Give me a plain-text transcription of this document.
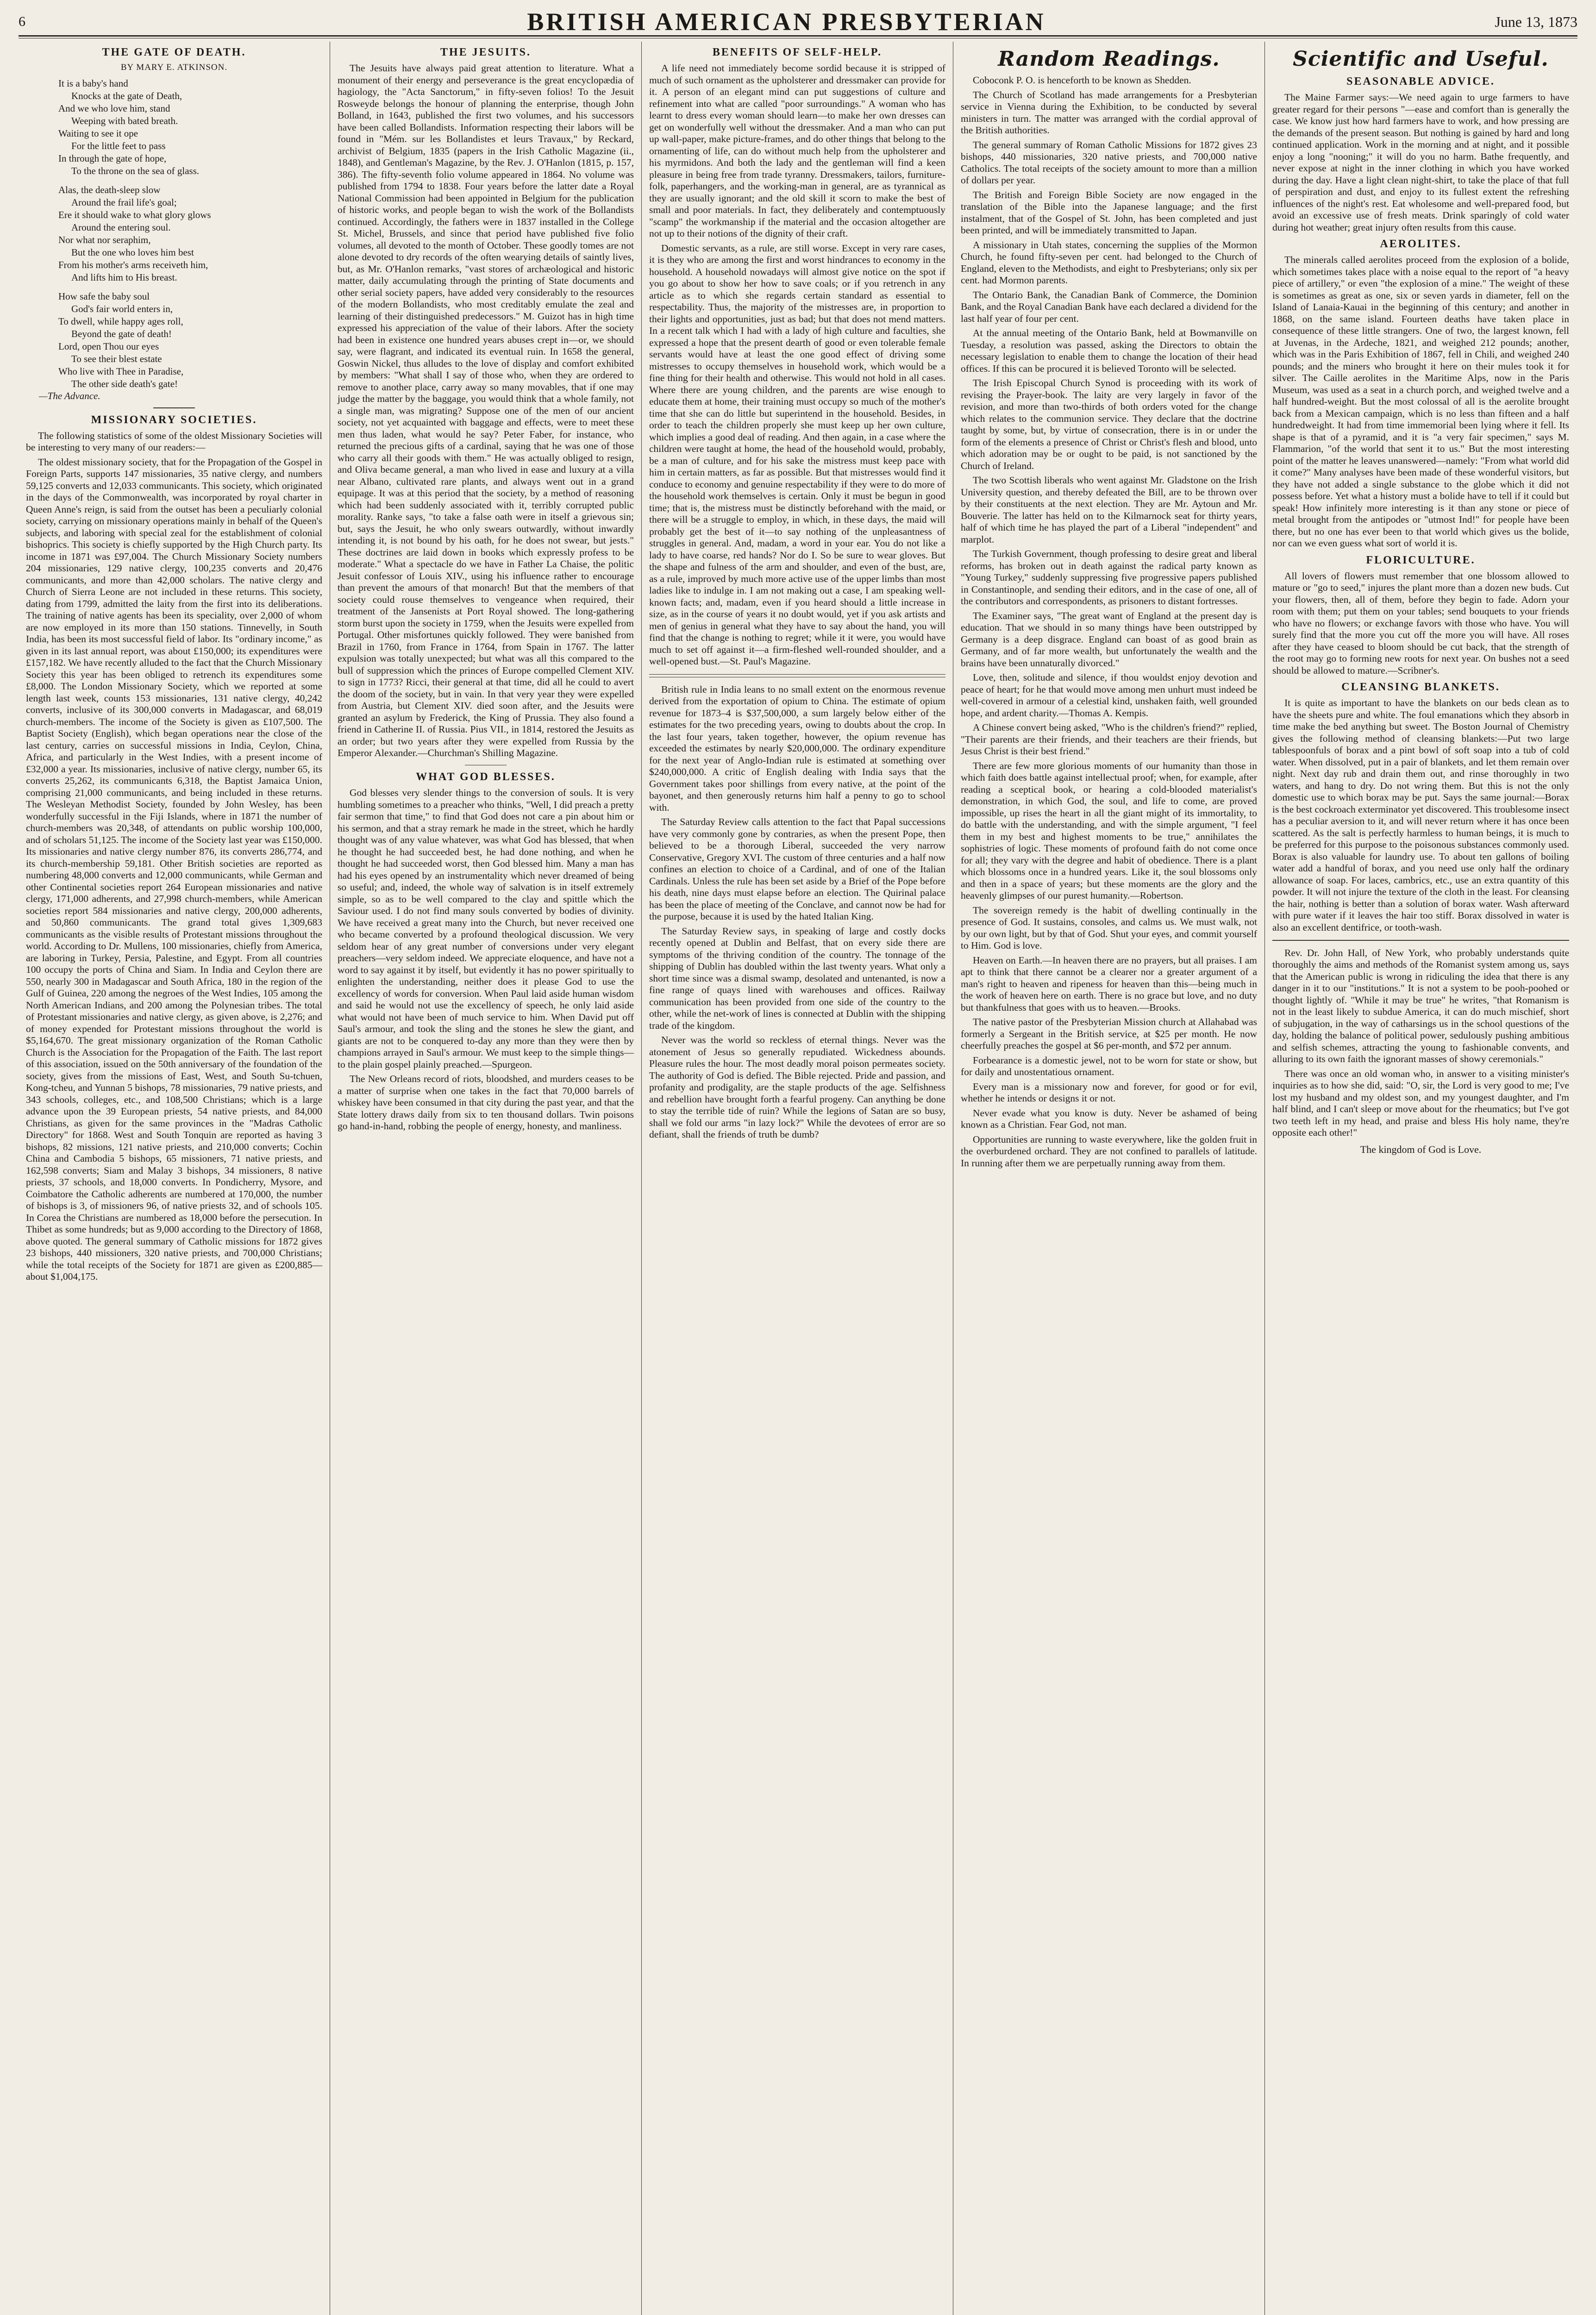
6	BRITISH AMERICAN PRESBYTERIAN	June 13, 1873
THE GATE OF DEATH.
BY MARY E. ATKINSON.
It is a baby's hand
Knocks at the gate of Death,
And we who love him, stand
Weeping with bated breath.
Waiting to see it ope
For the little feet to pass
In through the gate of hope,
To the throne on the sea of glass.
Alas, the death-sleep slow
Around the frail life's goal;
Ere it should wake to what glory glows
Around the entering soul.
Nor what nor seraphim,
But the one who loves him best
From his mother's arms receiveth him,
And lifts him to His breast.
How safe the baby soul
God's fair world enters in,
To dwell, while happy ages roll,
Beyond the gate of death!
Lord, open Thou our eyes
To see their blest estate
Who live with Thee in Paradise,
The other side death's gate!
—The Advance.
MISSIONARY SOCIETIES.

The following statistics of some of the oldest Missionary Societies will be interesting to very many of our readers:—

The oldest missionary society, that for the Propagation of the Gospel in Foreign Parts, supports 147 missionaries, 35 native clergy, and numbers 59,125 converts and 12,033 communicants. This society, which originated in the days of the Commonwealth, was incorporated by royal charter in Queen Anne's reign, is said from the outset has been a peculiarly colonial society, carrying on missionary operations mainly in behalf of the Queen's subjects, and laboring with special zeal for the establishment of colonial bishoprics. This society is chiefly supported by the High Church party. Its income in 1871 was £97,004. The Church Missionary Society numbers 204 missionaries, 129 native clergy, 100,235 converts and 20,476 communicants, and more than 42,000 scholars. The native clergy and Church of Sierra Leone are not included in these returns. This society, dating from 1799, admitted the laity from the first into its deliberations. The training of native agents has been its speciality, over 2,000 of whom are now employed in its more than 150 stations. Tinnevelly, in South India, has been its most successful field of labor. Its "ordinary income," as given in its last annual report, was about £150,000; its expenditures were £157,182. We have recently alluded to the fact that the Church Missionary Society this year has been obliged to retrench its expenditures some £8,000. The London Missionary Society, which we reported at some length last week, counts 153 missionaries, 131 native clergy, 40,242 converts, inclusive of its 300,000 converts in Madagascar, and 68,019 church-members. The income of the Society is given as £107,500. The Baptist Society (English), which began operations near the close of the last century, carries on successful missions in India, Ceylon, China, Africa, and particularly in the West Indies, with a present income of £32,000 a year. Its missionaries, inclusive of native clergy, number 65, its converts 25,262, its communicants 6,318, the Baptist Jamaica Union, comprising 21,000 communicants, and being included in these returns. The Wesleyan Methodist Society, founded by John Wesley, has been wonderfully successful in the Fiji Islands, where in 1871 the number of church-members was 20,348, of attendants on public worship 100,000, and of scholars 51,125. The income of the Society last year was £150,000. Its missionaries and native clergy number 876, its converts 286,774, and its church-membership 59,181. Other British societies are reported as numbering 48,000 converts and 12,000 communicants, while German and other Continental societies report 264 European missionaries and native clergy, 171,000 adherents, and 27,998 church-members, while American societies report 584 missionaries and native clergy, 200,000 adherents, and 50,860 communicants. The grand total gives 1,309,683 communicants as the visible results of Protestant missions throughout the world. According to Dr. Mullens, 100 missionaries, chiefly from America, are laboring in Turkey, Persia, Palestine, and Egypt. From all countries 100 occupy the ports of China and Siam. In India and Ceylon there are 550, nearly 300 in Madagascar and South Africa, 180 in the region of the Gulf of Guinea, 220 among the negroes of the West Indies, 105 among the North American Indians, and 200 among the Polynesian tribes. The total of Protestant missionaries and native clergy, as given above, is 2,276; and of money expended for Protestant missions throughout the world is $5,164,670. The great missionary organization of the Roman Catholic Church is the Association for the Propagation of the Faith. The last report of this association, issued on the 50th anniversary of the foundation of the society, gives from the missions of East, West, and South Su-tchuen, Kong-tcheu, and Yunnan 5 bishops, 78 missionaries, 79 native priests, and 343 schools, colleges, etc., and 108,500 Christians; which is a large advance upon the 39 European priests, 54 native priests, and 84,000 Christians, as given for the same provinces in the "Madras Catholic Directory" for 1868. West and South Tonquin are reported as having 3 bishops, 82 missions, 121 native priests, and 210,000 converts; Cochin China and Cambodia 5 bishops, 65 missioners, 71 native priests, and 162,598 converts; Siam and Malay 3 bishops, 34 missioners, 8 native priests, 37 schools, and 18,000 converts. In Pondicherry, Mysore, and Coimbatore the Catholic adherents are numbered at 170,000, the number of bishops is 3, of missioners 96, of native priests 32, and of schools 105. In Corea the Christians are numbered as 18,000 before the persecution. In Thibet as some hundreds; but as 9,000 according to the Directory of 1868, above quoted. The general summary of Catholic missions for 1872 gives 23 bishops, 440 missioners, 320 native priests, and 700,000 Christians; while the total receipts of the Society for 1871 are given as £200,885—about $1,004,175.

THE JESUITS.

The Jesuits have always paid great attention to literature. What a monument of their energy and perseverance is the great encyclopædia of hagiology, the "Acta Sanctorum," in fifty-seven folios! To the Jesuit Rosweyde belongs the honour of planning the enterprise, though John Bolland, in 1643, published the first two volumes, and his successors have been called Bollandists. Information respecting their labors will be found in "Mém. sur les Bollandistes et leurs Travaux," by Reckard, archivist of Belgium, 1835 (papers in the Irish Catholic Magazine (ii., 1848), and Gentleman's Magazine, by the Rev. J. O'Hanlon (1815, p. 157, 386). The fifty-seventh folio volume appeared in 1864. No volume was published from 1794 to 1838. Four years before the latter date a Royal National Commission had been appointed in Belgium for the publication of historic works, and people began to wish the work of the Bollandists continued. Accordingly, the fathers were in 1837 installed in the College St. Michel, Brussels, and since that period have published five folio volumes, all devoted to the month of October. These goodly tomes are not alone devoted to dry records of the often wearying details of saintly lives, but, as Mr. O'Hanlon remarks, "vast stores of archæological and historic matter, daily accumulating through the printing of State documents and other serial society papers, have added very considerably to the resources of the modern Bollandists, who most creditably emulate the zeal and learning of their distinguished predecessors." M. Guizot has in high time expressed his appreciation of the value of their labors. After the society had been in existence one hundred years abuses crept in—or, we should say, were flagrant, and indicated its eventual ruin. In 1658 the general, Goswin Nickel, thus alludes to the love of display and comfort exhibited by members: "What shall I say of those who, when they are ordered to remove to another place, carry away so many movables, that if one may judge the matter by the baggage, you would think that a whole family, not a single man, was migrating? Suppose one of the men of our ancient society, not yet acquainted with baggage and effects, were to meet these men thus laden, what would he say? Peter Faber, for instance, who returned the precious gifts of a cardinal, saying that he was one of those who carry all their goods with them." He was actually obliged to resign, and Oliva became general, a man who lived in ease and luxury at a villa near Albano, cultivated rare plants, and always went out in a grand equipage. It was at this period that the society, by a method of reasoning which had been suddenly associated with it, terribly corrupted public morality. Ranke says, "to take a false oath were in itself a grievous sin; but, says the Jesuit, he who only swears outwardly, without inwardly intending it, is not bound by his oath, for he does not swear, but jests." These doctrines are laid down in books which expressly profess to be moderate." What a spectacle do we have in Father La Chaise, the politic Jesuit confessor of Louis XIV., using his influence rather to encourage than prevent the amours of that monarch! But that the members of that society could rouse themselves to vengeance when required, their treatment of the Jansenists at Port Royal showed. The long-gathering storm burst upon the society in 1759, when the Jesuits were expelled from Portugal. Other misfortunes quickly followed. They were banished from Brazil in 1760, from France in 1764, from Spain in 1767. The latter expulsion was totally unexpected; but what was all this compared to the bull of suppression which the princes of Europe compelled Clement XIV. to sign in 1773? Ricci, their general at that time, did all he could to avert the doom of the society, but in vain. In that very year they were expelled from Austria, but Clement XIV. died soon after, and the Jesuits were granted an asylum by Frederick, the King of Prussia. They also found a friend in Catherine II. of Russia. Pius VII., in 1814, restored the Jesuits as an order; but two years after they were expelled from Russia by the Emperor Alexander.—Churchman's Shilling Magazine.

WHAT GOD BLESSES.

God blesses very slender things to the conversion of souls. It is very humbling sometimes to a preacher who thinks, "Well, I did preach a pretty fair sermon that time," to find that God does not care a pin about him or his sermon, and that a stray remark he made in the street, which he hardly thought was of any value whatever, was what God has blessed, that when he thought he had succeeded best, he had done nothing, and when he thought he had succeeded worst, then God blessed him. Many a man has had his eyes opened by an instrumentality which never dreamed of being so useful; and, indeed, the whole way of salvation is in itself extremely simple, so as to be well compared to the clay and spittle which the Saviour used. I do not find many souls converted by bodies of divinity. We have received a great many into the Church, but never received one who became converted by a profound theological discussion. We very seldom hear of any great number of conversions under very elegant preachers—very seldom indeed. We appreciate eloquence, and have not a word to say against it by itself, but evidently it has no power spiritually to enlighten the understanding, neither does it please God to use the excellency of words for conversion. When Paul laid aside human wisdom and said he would not use the excellency of speech, he only laid aside what would not have been of much service to him. When David put off Saul's armour, and took the sling and the stones he slew the giant, and giants are not to be conquered to-day any more than they were then by champions arrayed in Saul's armour. We must keep to the simple things—to the plain gospel plainly preached.—Spurgeon.

The New Orleans record of riots, bloodshed, and murders ceases to be a matter of surprise when one takes in the fact that 70,000 barrels of whiskey have been consumed in that city during the past year, and that the State lottery draws daily from six to ten thousand dollars. Twin poisons go hand-in-hand, robbing the people of energy, honesty, and manliness.

BENEFITS OF SELF-HELP.

A life need not immediately become sordid because it is stripped of much of such ornament as the upholsterer and dressmaker can provide for it. A person of an elegant mind can put suggestions of culture and refinement into what are called "poor surroundings." A woman who has learnt to dress every woman should learn—to make her own dresses can get on wonderfully well without the dressmaker. And a man who can put up wall-paper, make picture-frames, and do other things that belong to the ornamenting of life, can do without much help from the upholsterer and his myrmidons. And both the lady and the gentleman will find a keen pleasure in being free from trade tyranny. Dressmakers, tailors, furniture-folk, paperhangers, and the working-man in general, are as tyrannical as they are usually ignorant; and the old skill it scorn to make the best of small and poor materials. In fact, they deliberately and contemptuously "scamp" the workmanship if the material and the occasion altogether are not up to their notions of the dignity of their craft.

Domestic servants, as a rule, are still worse. Except in very rare cases, it is they who are among the first and worst hindrances to economy in the household. A household nowadays will almost give notice on the spot if you go about to show her how to save coals; or if you retrench in any article as to which she regards certain standard as essential to respectability. Thus, the majority of the mistresses are, in proportion to their lights and opportunities, just as bad; but that does not mend matters. In a recent talk which I had with a lady of high culture and faculties, she expressed a hope that the present dearth of good or even tolerable female servants would have at least the one good effect of driving some mistresses to occupy themselves in household work, which would be a fine thing for their health and otherwise. This would not hold in all cases. Where there are young children, and the parents are wise enough to educate them at home, their training must occupy so much of the mother's time that she can do little but superintend in the household. Besides, in order to teach the children properly she must keep up her own culture, which implies a good deal of reading. And then again, in a case where the children were taught at home, the head of the household would, probably, be a man of culture, and for his sake the mistress must keep pace with him in certain matters, as far as possible. But that mistresses would find it conduce to economy and genuine respectability if they were to do more of the household work themselves is certain. Only it must be begun in good time; that is, the mistress must be distinctly beforehand with the maid, or there will be a struggle to employ, in which, in these days, the maid will probably get the best of it—to say nothing of the unpleasantness of struggles in general. And, madam, a word in your ear. You do not like a lady to have coarse, red hands? Nor do I. So be sure to wear gloves. But the shape and fulness of the arm and shoulder, and even of the bust, are, as a rule, improved by much more active use of the upper limbs than most ladies like to indulge in. I am not making out a case, I am speaking well-known facts; and, madam, even if you heard should a little increase in size, as in the course of years it no doubt would, yet if you ask artists and men of genius in general what they have to say about the hand, you will find that the change is nothing to regret; while it it were, you would have much to set off against it—a firm-fleshed well-rounded shoulder, and a well-opened bust.—St. Paul's Magazine.

British rule in India leans to no small extent on the enormous revenue derived from the exportation of opium to China. The estimate of opium revenue for 1873–4 is $37,500,000, a sum largely below either of the estimates for the two preceding years, owing to doubts about the crop. In the last four years, taken together, however, the opium revenue has exceeded the estimates by nearly $20,000,000. The ordinary expenditure for the next year of Anglo-Indian rule is estimated at something over $240,000,000. A critic of English dealing with India says that the Government takes poor shillings from every native, at the point of the bayonet, and then generously returns him half a penny to go to school with.

The Saturday Review calls attention to the fact that Papal successions have very commonly gone by contraries, as when the present Pope, then believed to be a thorough Liberal, succeeded the very narrow Conservative, Gregory XVI. The custom of three centuries and a half now confines an election to choice of a Cardinal, and of one of the Italian Cardinals. Unless the rule has been set aside by a Brief of the Pope before his death, nine days must elapse before an election. The Quirinal palace has been the place of meeting of the Conclave, and cannot now be had for the purpose, because it is used by the hated Italian King.

The Saturday Review says, in speaking of large and costly docks recently opened at Dublin and Belfast, that on every side there are symptoms of the thriving condition of the country. The tonnage of the shipping of Dublin has doubled within the last twenty years. What only a short time since was a dismal swamp, desolated and untenanted, is now a fine range of quays lined with warehouses and offices. Railway communication has been provided from one side of the country to the other, while the net-work of lines is connected at Dublin with the shipping trade of the kingdom.

Never was the world so reckless of eternal things. Never was the atonement of Jesus so generally repudiated. Wickedness abounds. Pleasure rules the hour. The most deadly moral poison permeates society. The authority of God is defied. The Bible rejected. Pride and passion, and profanity and prodigality, are the staple products of the age. Selfishness and rebellion have brought forth a fearful progeny. Can anything be done to stay the terrible tide of ruin? While the legions of Satan are so busy, shall we fold our arms "in lazy lock?" While the devotees of error are so defiant, shall the friends of truth be dumb?

Random Readings.

Coboconk P. O. is henceforth to be known as Shedden.

The Church of Scotland has made arrangements for a Presbyterian service in Vienna during the Exhibition, to be conducted by several ministers in turn. The matter was arranged with the cordial approval of the British authorities.

The general summary of Roman Catholic Missions for 1872 gives 23 bishops, 440 missionaries, 320 native priests, and 700,000 native Catholics. The total receipts of the society amount to more than a million of dollars per year.

The British and Foreign Bible Society are now engaged in the translation of the Bible into the Japanese language; and the first instalment, that of the Gospel of St. John, has been completed and just been printed, and will be immediately transmitted to Japan.

A missionary in Utah states, concerning the supplies of the Mormon Church, he found fifty-seven per cent. had belonged to the Church of England, eleven to the Methodists, and eight to Presbyterians; only six per cent. had Mormon parents.

The Ontario Bank, the Canadian Bank of Commerce, the Dominion Bank, and the Royal Canadian Bank have each declared a dividend for the last half year of four per cent.

At the annual meeting of the Ontario Bank, held at Bowmanville on Tuesday, a resolution was passed, asking the Directors to obtain the necessary legislation to enable them to change the location of their head offices. If this can be procured it is believed Toronto will be selected.

The Irish Episcopal Church Synod is proceeding with its work of revising the Prayer-book. The laity are very largely in favor of the revision, and more than two-thirds of both orders voted for the change which relates to the communion service. They declare that the doctrine taught by some, but, by virtue of consecration, there is in or under the form of the elements a presence of Christ or Christ's flesh and blood, unto which adoration may be or ought to be paid, is not sanctioned by the Church of Ireland.

The two Scottish liberals who went against Mr. Gladstone on the Irish University question, and thereby defeated the Bill, are to be thrown over by their constituents at the next election. They are Mr. Aytoun and Mr. Bouverie. The latter has held on to the Kilmarnock seat for thirty years, half of which time he has played the part of a Liberal "independent" and marplot.

The Turkish Government, though professing to desire great and liberal reforms, has broken out in death against the radical party known as "Young Turkey," suddenly suppressing five progressive papers published in Constantinople, and sending their editors, and in the case of one, all of the contributors and correspondents, as prisoners to distant fortresses.

The Examiner says, "The great want of England at the present day is education. That we should in so many things have been outstripped by Germany is a deep disgrace. England can boast of as good brain as Germany, and of far more wealth, but unfortunately the wealth and the brains have been unnaturally divorced."

Love, then, solitude and silence, if thou wouldst enjoy devotion and peace of heart; for he that would move among men unhurt must indeed be well-covered in armour of a celestial kind, unshaken faith, well grounded hope, and ardent charity.—Thomas A. Kempis.

A Chinese convert being asked, "Who is the children's friend?" replied, "Their parents are their friends, and their teachers are their friends, but Jesus Christ is their best friend."

There are few more glorious moments of our humanity than those in which faith does battle against intellectual proof; when, for example, after reading a sceptical book, or hearing a cold-blooded materialist's demonstration, in which God, the soul, and life to come, are proved impossible, up rises the heart in all the giant might of its immortality, to do battle with the understanding, and with the simple argument, "I feel them in my best and highest moments to be true," annihilates the sophistries of logic. These moments of profound faith do not come once for all; they vary with the degree and habit of obedience. There is a plant which blossoms once in a hundred years. Like it, the soul blossoms only and then in a space of years; but these moments are the glory and the heavenly glimpses of our purest humanity.—Robertson.

The sovereign remedy is the habit of dwelling continually in the presence of God. It sustains, consoles, and calms us. We must walk, not by our own light, but by that of God. Shut your eyes, and commit yourself to Him. God is love.

Heaven on Earth.—In heaven there are no prayers, but all praises. I am apt to think that there cannot be a clearer nor a greater argument of a man's right to heaven and ripeness for heaven than this—being much in the work of heaven here on earth. There is no grace but love, and no duty but thankfulness that goes with us to heaven.—Brooks.

The native pastor of the Presbyterian Mission church at Allahabad was formerly a Sergeant in the British service, at $25 per month. He now cheerfully preaches the gospel at $6 per-month, and $72 per annum.

Forbearance is a domestic jewel, not to be worn for state or show, but for daily and unostentatious ornament.

Every man is a missionary now and forever, for good or for evil, whether he intends or designs it or not.

Never evade what you know is duty. Never be ashamed of being known as a Christian. Fear God, not man.

Opportunities are running to waste everywhere, like the golden fruit in the overburdened orchard. They are not confined to parallels of latitude. In running after them we are perpetually running away from them.

Scientific and Useful.
SEASONABLE ADVICE.

The Maine Farmer says:—We need again to urge farmers to have greater regard for their persons "—ease and comfort than is generally the case. We know just how hard farmers have to work, and how pressing are the demands of the present season. But nothing is gained by hard and long continued application. Work in the morning and at night, and it possible enjoy a long "nooning;" it will do you no harm. Bathe frequently, and never expose at night in the inner clothing in which you have worked during the day. Have a light clean night-shirt, to take the place of that full of perspiration and dust, and enjoy to its fullest extent the refreshing influences of the night's rest. Eat wholesome and well-prepared food, but avoid an excessive use of fresh meats. Drink sparingly of cold water during hot weather; great injury often results from this cause.

AEROLITES.

The minerals called aerolites proceed from the explosion of a bolide, which sometimes takes place with a noise equal to the report of "a heavy piece of artillery," or even "the explosion of a mine." The weight of these is sometimes as great as one, six or seven yards in diameter, fell on the Island of Lanaia-Kauai in the beginning of this century; and another in 1868, on the same island. Fourteen deaths have taken place in consequence of these little strangers. One of two, the largest known, fell at Juvenas, in the Ardeche, 1821, and weighed 212 pounds; another, which was in the Paris Exhibition of 1867, fell in Chili, and weighed 240 pounds; and the miners who brought it here on their mules took it for silver. The Caille aerolites in the Maritime Alps, now in the Paris Museum, was used as a seat in a church porch, and weighed twelve and a half hundred-weight. But the most colossal of all is the aerolite brought back from a Mexican campaign, which is no less than fifteen and a half hundredweight. It had from time immemorial been lying where it fell. Its shape is that of a pyramid, and it is "a very fair specimen," says M. Flammarion, "of the world that sent it to us." But the most interesting point of the matter he leaves unanswered—namely: "From what world did it come?" Many analyses have been made of these wonderful visitors, but they have not added a single substance to the globe which it did not possess before. Yet what a history must a bolide have to tell if it could but speak! How infinitely more interesting is it than any stone or piece of metal brought from the antipodes or "utmost Ind!" for people have been there, but no one has ever been to that world which gives us the bolide, nor can we even guess what sort of world it is.

FLORICULTURE.

All lovers of flowers must remember that one blossom allowed to mature or "go to seed," injures the plant more than a dozen new buds. Cut your flowers, then, all of them, before they begin to fade. Adorn your room with them; put them on your tables; send bouquets to your friends who have no flowers; or exchange favors with those who have. You will surely find that the more you cut off the more you will have. All roses after they have ceased to bloom should be cut back, that the strength of the root may go to forming new roots for next year. On bushes not a seed should be allowed to mature.—Scribner's.

CLEANSING BLANKETS.

It is quite as important to have the blankets on our beds clean as to have the sheets pure and white. The foul emanations which they absorb in time make the bed anything but sweet. The Boston Journal of Chemistry gives the following method of cleansing blankets:—Put two large tablespoonfuls of borax and a pint bowl of soft soap into a tub of cold water. When dissolved, put in a pair of blankets, and let them remain over night. Next day rub and drain them out, and rinse thoroughly in two waters, and hang to dry. Do not wring them. But this is not the only domestic use to which borax may be put. Says the same journal:—Borax is the best cockroach exterminator yet discovered. This troublesome insect has a peculiar aversion to it, and will never return where it has once been scattered. As the salt is perfectly harmless to human beings, it is much to be preferred for this purpose to the poisonous substances commonly used. Borax is also valuable for laundry use. To about ten gallons of boiling water add a handful of borax, and you need use only half the ordinary allowance of soap. For laces, cambrics, etc., use an extra quantity of this powder. It will not injure the texture of the cloth in the least. For cleansing the hair, nothing is better than a solution of borax water. Wash afterward with pure water if it leaves the hair too stiff. Borax dissolved in water is also an excellent dentifrice, or tooth-wash.

Rev. Dr. John Hall, of New York, who probably understands quite thoroughly the aims and methods of the Romanist system among us, says that the American public is wrong in ridiculing the idea that there is any danger in it to our "institutions." It is not a system to be pooh-poohed or thought lightly of. "While it may be true" he writes, "that Romanism is not in the least likely to subdue America, it can do much mischief, short of subjugation, in the way of catharsings us in the school questions of the day, holding the balance of political power, sedulously pushing ambitious and selfish schemes, attracting the young to fashionable convents, and alluring to its own faith the ignorant masses of showy ceremonials."

There was once an old woman who, in answer to a visiting minister's inquiries as to how she did, said: "O, sir, the Lord is very good to me; I've lost my husband and my oldest son, and my youngest daughter, and I'm half blind, and I can't sleep or move about for the rheumatics; but I've got two teeth left in my head, and praise and bless His holy name, they're opposite each other!"

The kingdom of God is Love.
